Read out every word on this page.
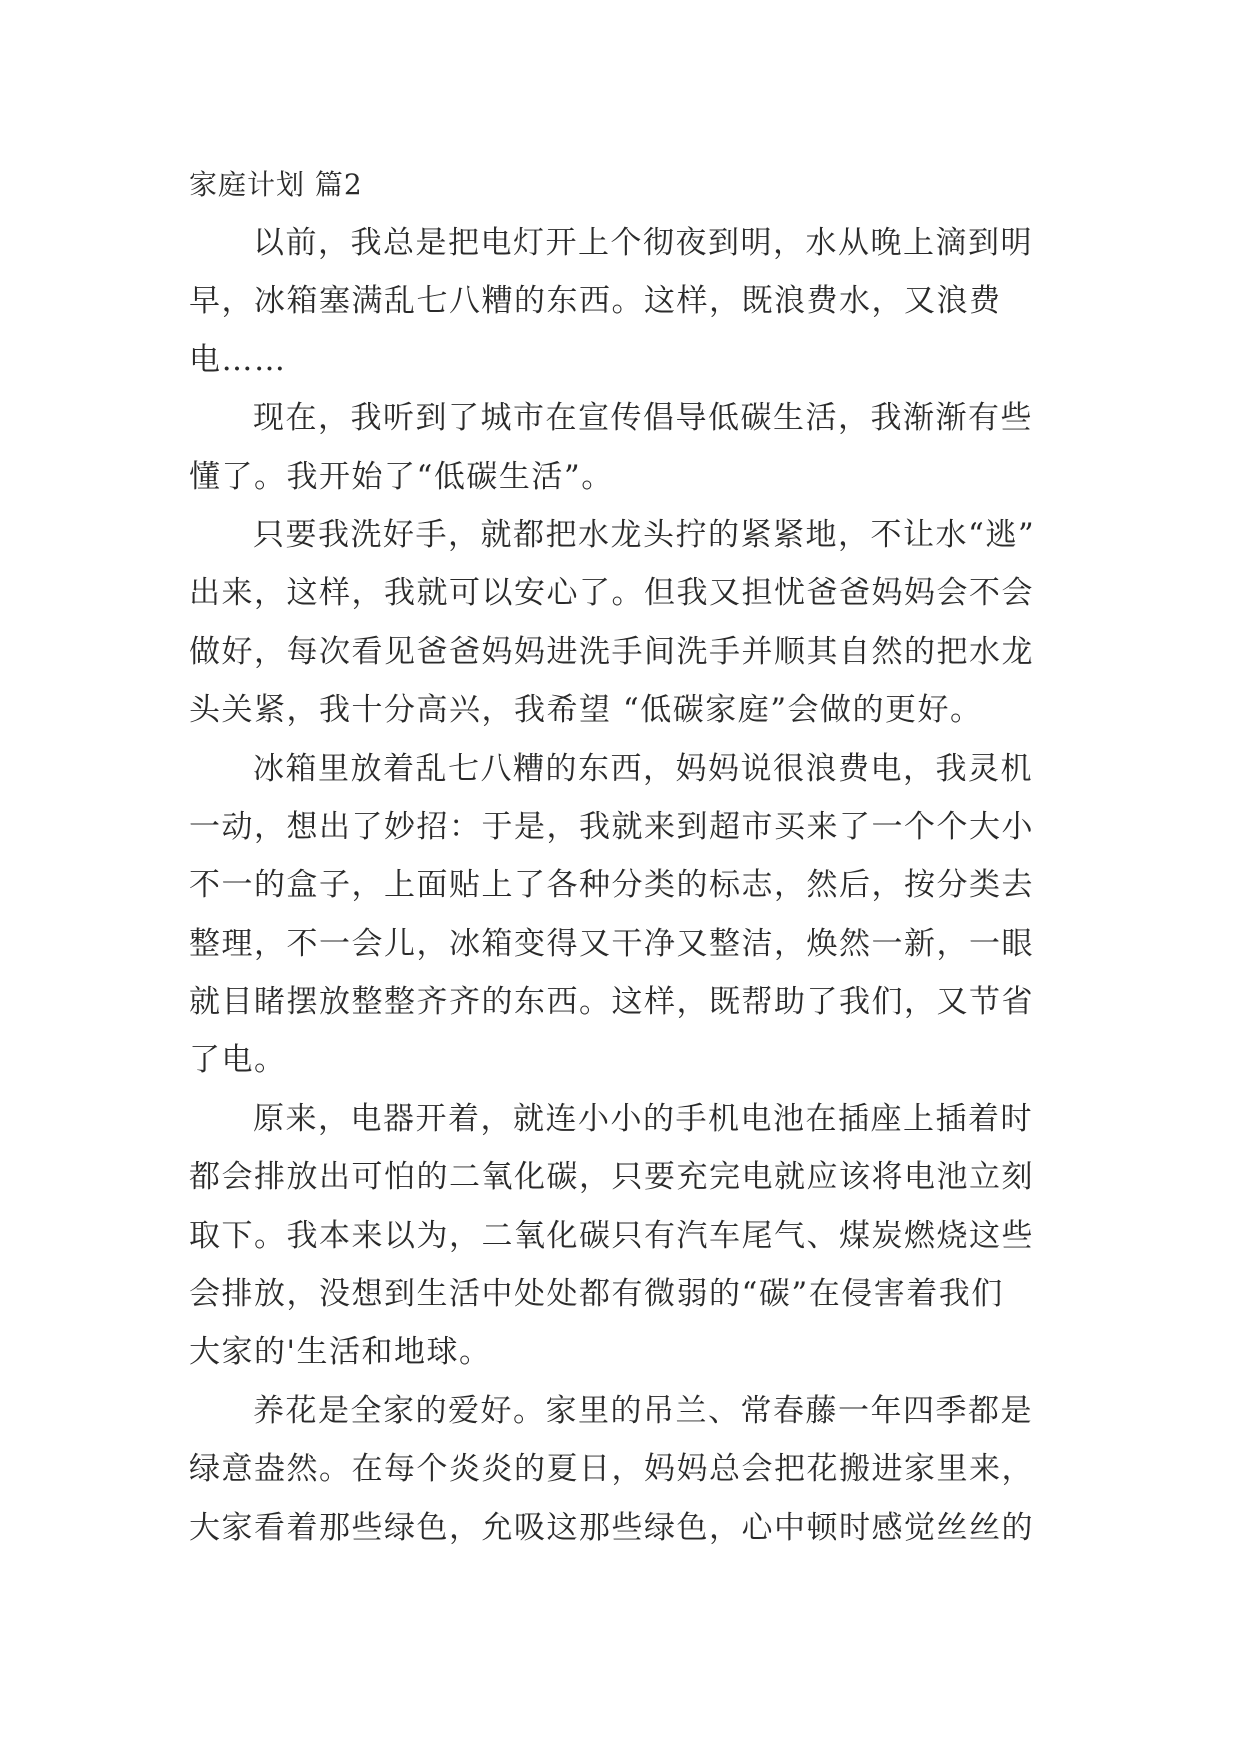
家庭计划 篇2
以前，我总是把电灯开上个彻夜到明，水从晚上滴到明
早，冰箱塞满乱七八糟的东西。这样，既浪费水，又浪费
电……
现在，我听到了城市在宣传倡导低碳生活，我渐渐有些
懂了。我开始了“低碳生活”。
只要我洗好手，就都把水龙头拧的紧紧地，不让水“逃”
出来，这样，我就可以安心了。但我又担忧爸爸妈妈会不会
做好，每次看见爸爸妈妈进洗手间洗手并顺其自然的把水龙
头关紧，我十分高兴，我希望 “低碳家庭”会做的更好。
冰箱里放着乱七八糟的东西，妈妈说很浪费电，我灵机
一动，想出了妙招：于是，我就来到超市买来了一个个大小
不一的盒子，上面贴上了各种分类的标志，然后，按分类去
整理，不一会儿，冰箱变得又干净又整洁，焕然一新，一眼
就目睹摆放整整齐齐的东西。这样，既帮助了我们，又节省
了电。
原来，电器开着，就连小小的手机电池在插座上插着时
都会排放出可怕的二氧化碳，只要充完电就应该将电池立刻
取下。我本来以为，二氧化碳只有汽车尾气、煤炭燃烧这些
会排放，没想到生活中处处都有微弱的“碳”在侵害着我们
大家的'生活和地球。
养花是全家的爱好。家里的吊兰、常春藤一年四季都是
绿意盎然。在每个炎炎的夏日，妈妈总会把花搬进家里来，
大家看着那些绿色，允吸这那些绿色，心中顿时感觉丝丝的
